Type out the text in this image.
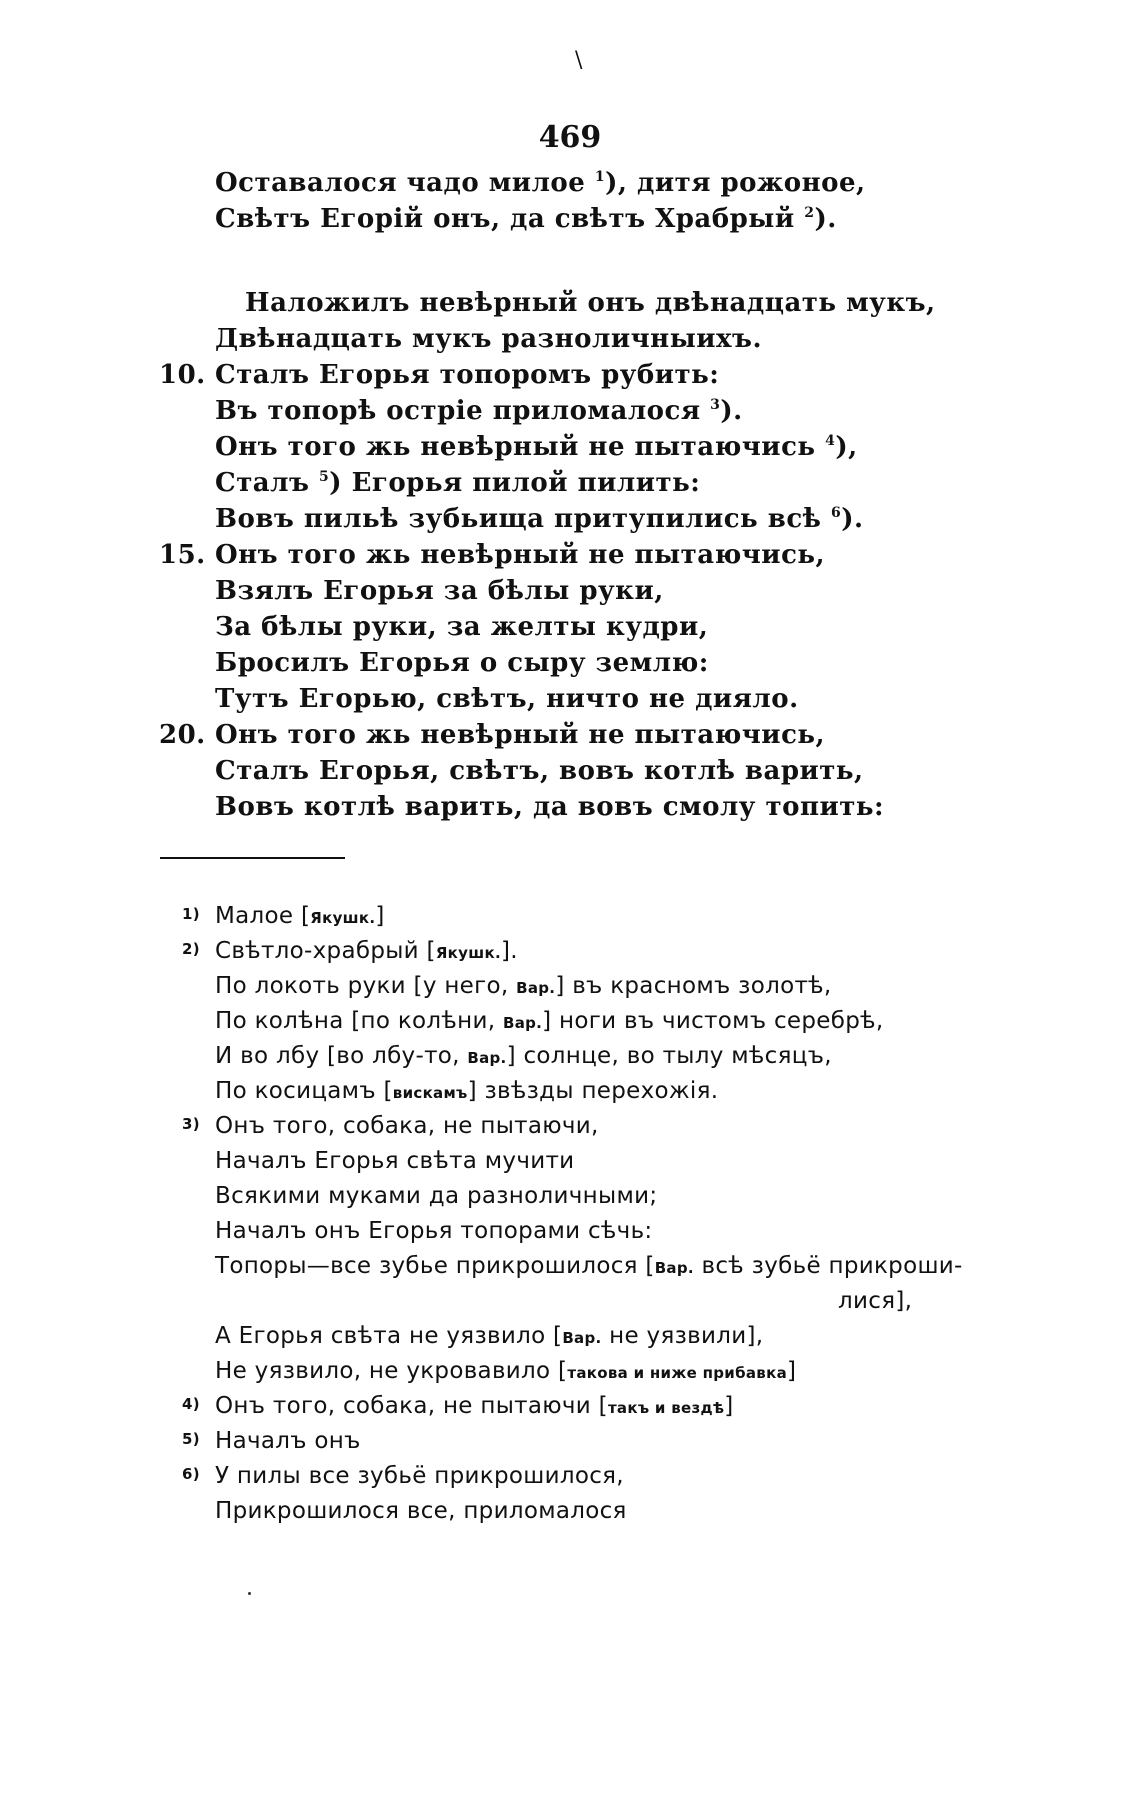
\
469
Оставалося чадо милое $^1$), дитя рожоное,
Свѣтъ Егорій онъ, да свѣтъ Храбрый $^2$).
Наложилъ невѣрный онъ двѣнадцать мукъ,
Двѣнадцать мукъ разноличныихъ.
10. Сталъ Егорья топоромъ рубить:
Въ топорѣ остріе приломалося $^3$).
Онъ того жь невѣрный не пытаючись $^4$),
Сталъ $^5$) Егорья пилой пилить:
Вовъ пильѣ зубьища притупились всѣ $^6$).
15. Онъ того жь невѣрный не пытаючись,
Взялъ Егорья за бѣлы руки,
За бѣлы руки, за желты кудри,
Бросилъ Егорья о сыру землю:
Тутъ Егорью, свѣтъ, ничто не дияло.
20. Онъ того жь невѣрный не пытаючись,
Сталъ Егорья, свѣтъ, вовъ котлѣ варить,
Вовъ котлѣ варить, да вовъ смолу топить:
1) Малое [Якушк.]
2) Свѣтло-храбрый [Якушк.].
По локоть руки [у него, Вар.] въ красномъ золотѣ,
По колѣна [по колѣни, Вар.] ноги въ чистомъ серебрѣ,
И во лбу [во лбу-то, Вар.] солнце, во тылу мѣсяцъ,
По косицамъ [вискамъ] звѣзды перехожія.
3) Онъ того, собака, не пытаючи,
Началъ Егорья свѣта мучити
Всякими муками да разноличными;
Началъ онъ Егорья топорами сѣчь:
Топоры—все зубье прикрошилося [Вар. всѣ зубьё прикроши-
лися],
А Егорья свѣта не уязвило [Вар. не уязвили],
Не уязвило, не укровавило [такова и ниже прибавка]
4) Онъ того, собака, не пытаючи [такъ и вездѣ]
5) Началъ онъ
6) У пилы все зубьё прикрошилося,
Прикрошилося все, приломалося
